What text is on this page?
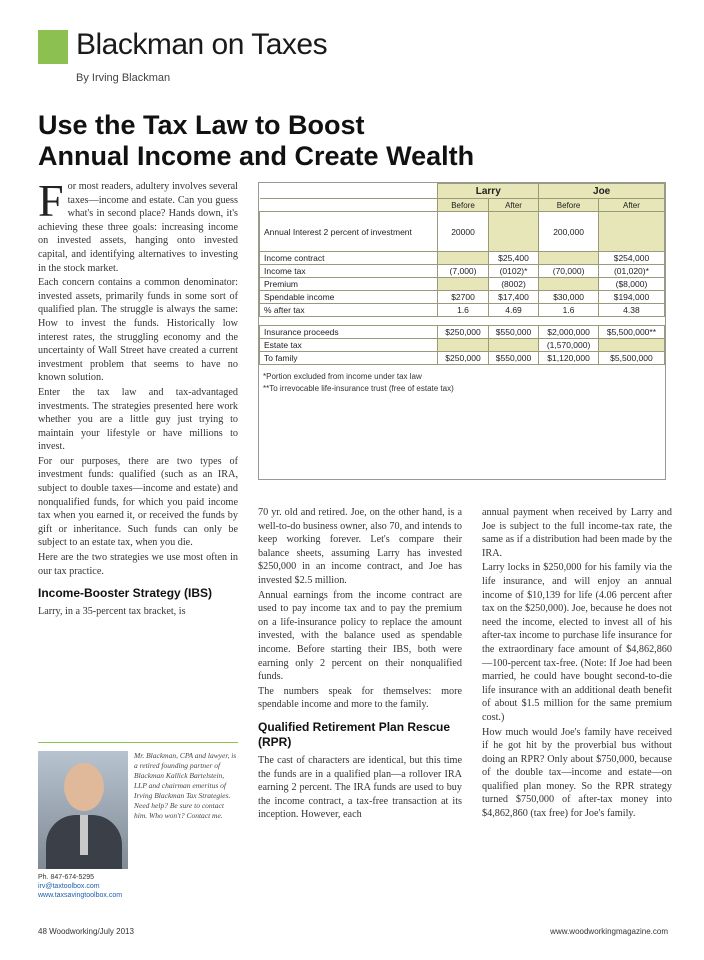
Blackman on Taxes
By Irving Blackman
Use the Tax Law to Boost
Annual Income and Create Wealth

For most readers, adultery involves several taxes—income and estate. Can you guess what's in second place? Hands down, it's achieving these three goals: increasing income on invested assets, hanging onto invested capital, and identifying alternatives to investing in the stock market.

Each concern contains a common denominator: invested assets, primarily funds in some sort of qualified plan. The struggle is always the same: How to invest the funds. Historically low interest rates, the struggling economy and the uncertainty of Wall Street have created a current investment problem that seems to have no known solution.

Enter the tax law and tax-advantaged investments. The strategies presented here work whether you are a little guy just trying to maintain your lifestyle or have millions to invest.

For our purposes, there are two types of investment funds: qualified (such as an IRA, subject to double taxes—income and estate) and nonqualified funds, for which you paid income tax when you earned it, or received the funds by gift or inheritance. Such funds can only be subject to an estate tax, when you die.

Here are the two strategies we use most often in our tax practice.

Income-Booster Strategy (IBS)

Larry, in a 35-percent tax bracket, is

	Larry		Joe	
	Before	After	Before	After
Annual Interest 2 percent of investment	20000		200,000	
Income contract		$25,400		$254,000
Income tax	(7,000)	(0102)*	(70,000)	(01,020)*
Premium		(8002)		($8,000)
Spendable income	$2700	$17,400	$30,000	$194,000
% after tax	1.6	4.69	1.6	4.38

Insurance proceeds	$250,000	$550,000	$2,000,000	$5,500,000**
Estate tax			(1,570,000)	
To family	$250,000	$550,000	$1,120,000	$5,500,000
*Portion excluded from income under tax law
**To irrevocable life-insurance trust (free of estate tax)

70 yr. old and retired. Joe, on the other hand, is a well-to-do business owner, also 70, and intends to keep working forever. Let's compare their balance sheets, assuming Larry has invested $250,000 in an income contract, and Joe has invested $2.5 million.

Annual earnings from the income contract are used to pay income tax and to pay the premium on a life-insurance policy to replace the amount invested, with the balance used as spendable income. Before starting their IBS, both were earning only 2 percent on their nonqualified funds.

The numbers speak for themselves: more spendable income and more to the family.

Qualified Retirement Plan Rescue (RPR)

The cast of characters are identical, but this time the funds are in a qualified plan—a rollover IRA earning 2 percent. The IRA funds are used to buy the income contract, a tax-free transaction at its inception. However, each

annual payment when received by Larry and Joe is subject to the full income-tax rate, the same as if a distribution had been made by the IRA.

Larry locks in $250,000 for his family via the life insurance, and will enjoy an annual income of $10,139 for life (4.06 percent after tax on the $250,000). Joe, because he does not need the income, elected to invest all of his after-tax income to purchase life insurance for the extraordinary face amount of $4,862,860—100-percent tax-free. (Note: If Joe had been married, he could have bought second-to-die life insurance with an additional death benefit of about $1.5 million for the same premium cost.)

How much would Joe's family have received if he got hit by the proverbial bus without doing an RPR? Only about $750,000, because of the double tax—income and estate—on qualified plan money. So the RPR strategy turned $750,000 of after-tax money into $4,862,860 (tax free) for Joe's family.

Mr. Blackman, CPA and lawyer, is a retired founding partner of Blackman Kallick Bartelstein, LLP and chairman emeritus of Irving Blackman Tax Strategies. Need help? Be sure to contact him. Who won't? Contact me.
Ph. 847-674-5295
irv@taxtoolbox.com
www.taxsavingtoolbox.com
48 Woodworking/July 2013	www.woodworkingmagazine.com
